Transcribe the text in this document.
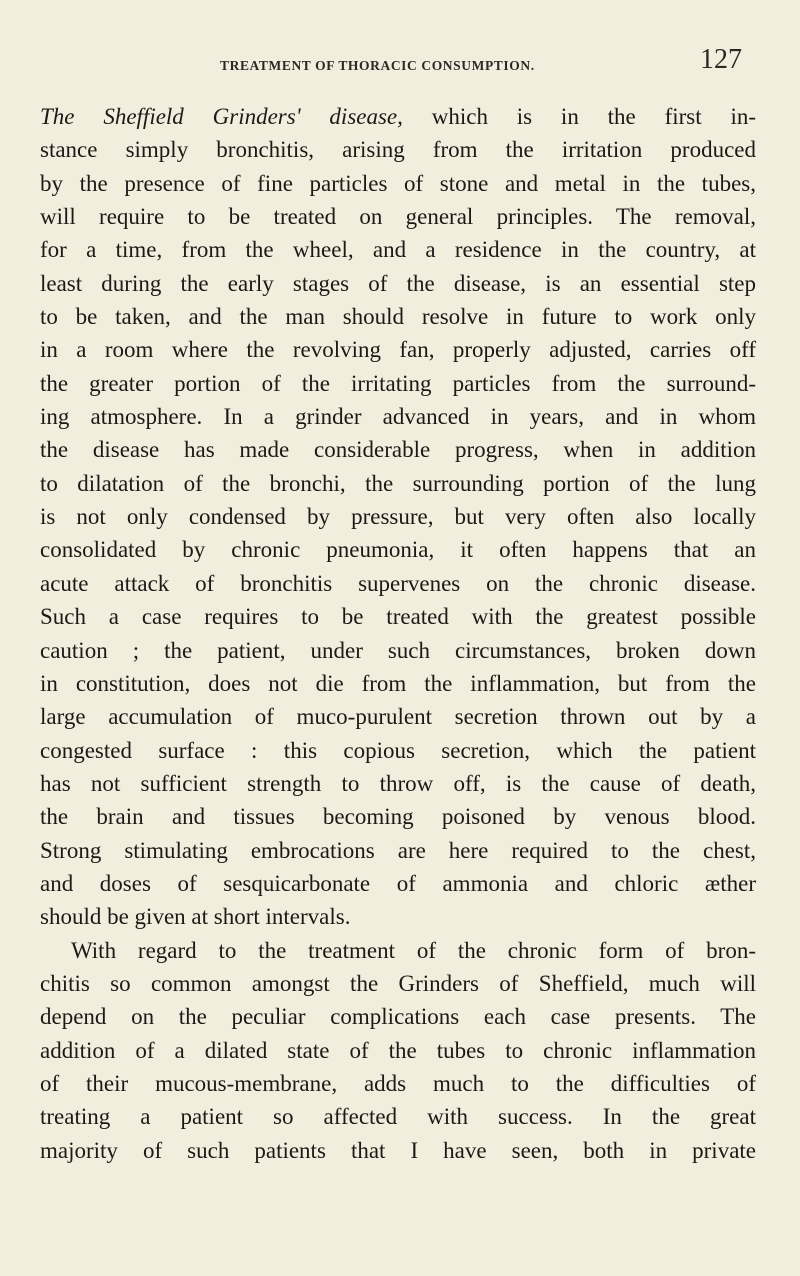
TREATMENT OF THORACIC CONSUMPTION.	127
The Sheffield Grinders' disease, which is in the first in-
stance simply bronchitis, arising from the irritation produced
by the presence of fine particles of stone and metal in the tubes,
will require to be treated on general principles. The removal,
for a time, from the wheel, and a residence in the country, at
least during the early stages of the disease, is an essential step
to be taken, and the man should resolve in future to work only
in a room where the revolving fan, properly adjusted, carries off
the greater portion of the irritating particles from the surround-
ing atmosphere. In a grinder advanced in years, and in whom
the disease has made considerable progress, when in addition
to dilatation of the bronchi, the surrounding portion of the lung
is not only condensed by pressure, but very often also locally
consolidated by chronic pneumonia, it often happens that an
acute attack of bronchitis supervenes on the chronic disease.
Such a case requires to be treated with the greatest possible
caution ; the patient, under such circumstances, broken down
in constitution, does not die from the inflammation, but from the
large accumulation of muco-purulent secretion thrown out by a
congested surface : this copious secretion, which the patient
has not sufficient strength to throw off, is the cause of death,
the brain and tissues becoming poisoned by venous blood.
Strong stimulating embrocations are here required to the chest,
and doses of sesquicarbonate of ammonia and chloric æther
should be given at short intervals.
With regard to the treatment of the chronic form of bron-
chitis so common amongst the Grinders of Sheffield, much will
depend on the peculiar complications each case presents. The
addition of a dilated state of the tubes to chronic inflammation
of their mucous-membrane, adds much to the difficulties of
treating a patient so affected with success. In the great
majority of such patients that I have seen, both in private
